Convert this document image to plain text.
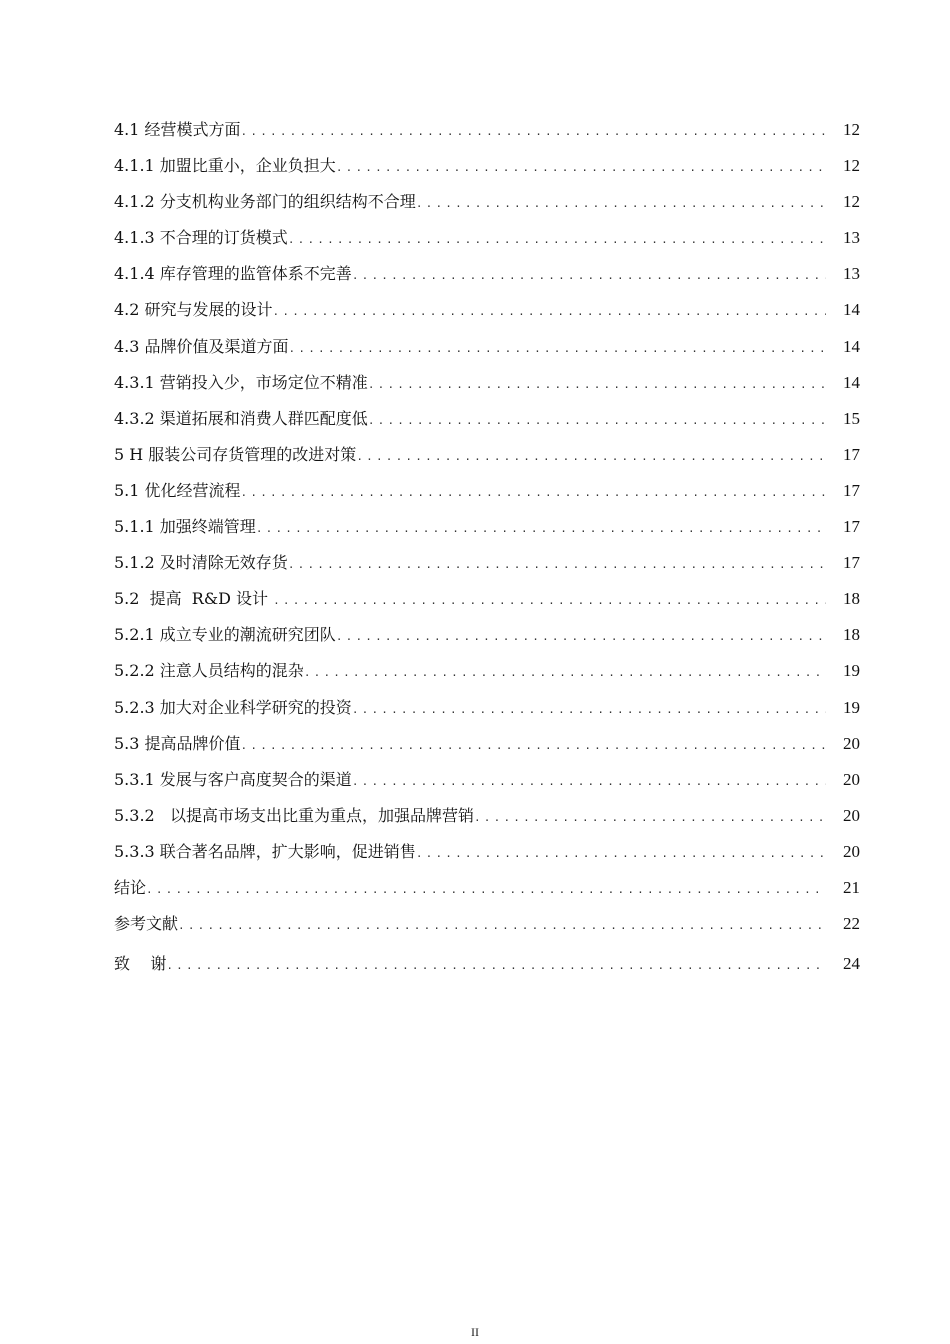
4.1 经营模式方面 .....	12
4.1.1 加盟比重小，企业负担大 .....	12
4.1.2 分支机构业务部门的组织结构不合理 .....	12
4.1.3 不合理的订货模式 .....	13
4.1.4 库存管理的监管体系不完善 .....	13
4.2 研究与发展的设计 .....	14
4.3 品牌价值及渠道方面 .....	14
4.3.1 营销投入少，市场定位不精准 .....	14
4.3.2 渠道拓展和消费人群匹配度低 .....	15
5 H 服装公司存货管理的改进对策 .....	17
5.1 优化经营流程 .....	17
5.1.1 加强终端管理 .....	17
5.1.2 及时清除无效存货 .....	17
5.2  提高  R&D 设计 .....	18
5.2.1 成立专业的潮流研究团队 .....	18
5.2.2 注意人员结构的混杂 .....	19
5.2.3 加大对企业科学研究的投资 .....	19
5.3 提高品牌价值 .....	20
5.3.1 发展与客户高度契合的渠道 .....	20
5.3.2   以提高市场支出比重为重点，加强品牌营销 .....	20
5.3.3 联合著名品牌，扩大影响，促进销售 .....	20
结论 .....	21
参考文献 .....	22
致    谢 .....	24
II
